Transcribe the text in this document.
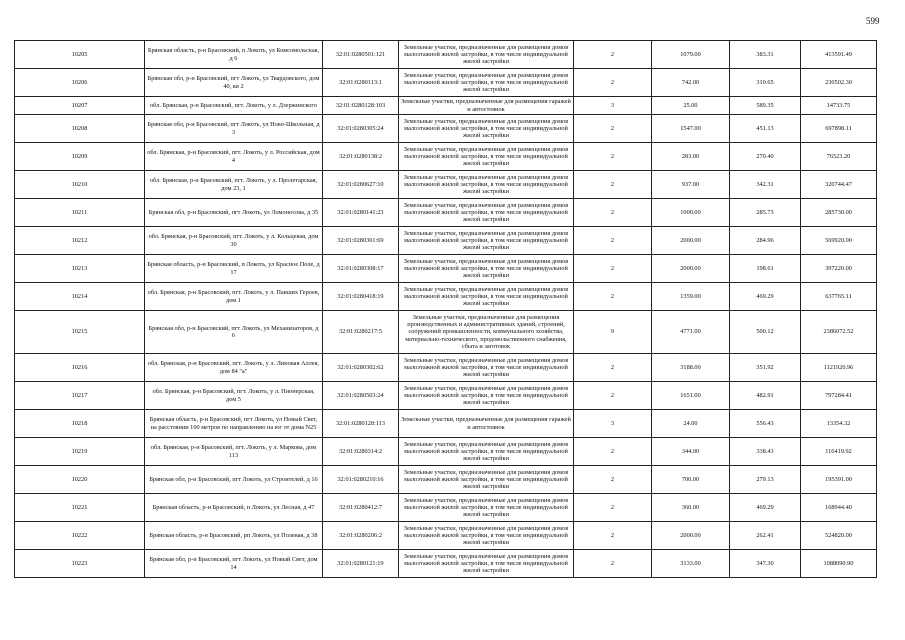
599
10205	Брянская область, р-н Брасовский, п Локоть, ул Комсомольская, д 6	32:01:0280501:121	Земельные участки, предназначенные для размещения домов малоэтажной жилой застройки, в том числе индивидуальной жилой застройки	2	1079.00	383.31	413591.49
10206	Брянская обл, р-н Брасовский, пгт Локоть, ул Твардовского, дом 40, кв 2	32:01:0280113:1	Земельные участки, предназначенные для размещения домов малоэтажной жилой застройки, в том числе индивидуальной жилой застройки	2	742.00	310.65	230502.30
10207	обл. Брянская, р-н Брасовский, пгт. Локоть, у л. Дзержинского	32:01:0280128:103	Земельные участки, предназначенные для размещения гаражей и автостоянок	3	25.00	589.35	14733.75
10208	Брянская обл, р-н Брасовский, пгт Локоть, ул Ново-Школьная, д 3	32:01:0280305:24	Земельные участки, предназначенные для размещения домов малоэтажной жилой застройки, в том числе индивидуальной жилой застройки	2	1547.00	451.13	697898.11
10209	обл. Брянская, р-н Брасовский, пгт. Локоть, у л. Российская, дом 4	32:01:0280138:2	Земельные участки, предназначенные для размещения домов малоэтажной жилой застройки, в том числе индивидуальной жилой застройки	2	283.00	270.40	76523.20
10210	обл. Брянская, р-н Брасовский, пгт. Локоть, у л. Пролетарская, дом 23, 1	32:01:0280627:10	Земельные участки, предназначенные для размещения домов малоэтажной жилой застройки, в том числе индивидуальной жилой застройки	2	937.00	342.31	320744.47
10211	Брянская обл, р-н Брасовский, пгт Локоть, ул Ломоносова, д 35	32:01:0280141:23	Земельные участки, предназначенные для размещения домов малоэтажной жилой застройки, в том числе индивидуальной жилой застройки	2	1000.00	285.73	285730.00
10212	обл. Брянская, р-н Брасовский, пгт. Локоть, у л. Кольцевая, дом 30	32:01:0280301:69	Земельные участки, предназначенные для размещения домов малоэтажной жилой застройки, в том числе индивидуальной жилой застройки	2	2000.00	284.96	569920.00
10213	Брянская область, р-н Брасовский, п Локоть, ул Красное Поле, д 17	32:01:0280308:17	Земельные участки, предназначенные для размещения домов малоэтажной жилой застройки, в том числе индивидуальной жилой застройки	2	2000.00	198.61	397220.00
10214	обл. Брянская, р-н Брасовский, пгт. Локоть, у л. Павших Героев, дом 1	32:01:0280418:19	Земельные участки, предназначенные для размещения домов малоэтажной жилой застройки, в том числе индивидуальной жилой застройки	2	1359.00	469.29	637765.11
10215	Брянская обл, р-н Брасовский, пгт Локоть, ул Механизаторов, д 6	32:01:0280217:5	Земельные участки, предназначенные для размещения производственных и административных зданий, строений, сооружений промышленности, коммунального хозяйства, материально-технического, продовольственного снабжения, сбыта и заготовок	9	4771.00	500.12	2386072.52
10216	обл. Брянская, р-н Брасовский, пгт. Локоть, у л. Липовая Аллея, дом 84 "а"	32:01:0280302:62	Земельные участки, предназначенные для размещения домов малоэтажной жилой застройки, в том числе индивидуальной жилой застройки	2	3188.00	351.92	1121920.96
10217	обл. Брянская, р-н Брасовский, пгт. Локоть, у л. Пионерская, дом 5	32:01:0280503:24	Земельные участки, предназначенные для размещения домов малоэтажной жилой застройки, в том числе индивидуальной жилой застройки	2	1651.00	482.91	797284.41
10218	Брянская область, р-н Брасовский, пгт Локоть, ул Новый Свет, на расстоянии 100 метров по направлению на юг от дома N25	32:01:0280128:113	Земельные участки, предназначенные для размещения гаражей и автостоянок	3	24.00	556.43	13354.32
10219	обл. Брянская, р-н Брасовский, пгт. Локоть, у л. Маркова, дом 113	32:01:0280314:2	Земельные участки, предназначенные для размещения домов малоэтажной жилой застройки, в том числе индивидуальной жилой застройки	2	344.00	338.43	116419.92
10220	Брянская обл, р-н Брасовский, пгт Локоть, ул Строителей, д 16	32:01:0280210:16	Земельные участки, предназначенные для размещения домов малоэтажной жилой застройки, в том числе индивидуальной жилой застройки	2	700.00	279.13	195391.00
10221	Брянская область, р-н Брасовский, п Локоть, ул Лесная, д 47	32:01:0280412:7	Земельные участки, предназначенные для размещения домов малоэтажной жилой застройки, в том числе индивидуальной жилой застройки	2	360.00	469.29	168944.40
10222	Брянская область, р-н Брасовский, рп Локоть, ул Полевая, д 38	32:01:0280206:2	Земельные участки, предназначенные для размещения домов малоэтажной жилой застройки, в том числе индивидуальной жилой застройки	2	2000.00	262.41	524820.00
10223	Брянская обл, р-н Брасовский, пгт Локоть, ул Новый Свет, дом 14	32:01:0280121:19	Земельные участки, предназначенные для размещения домов малоэтажной жилой застройки, в том числе индивидуальной жилой застройки	2	3133.00	347.30	1088090.90
